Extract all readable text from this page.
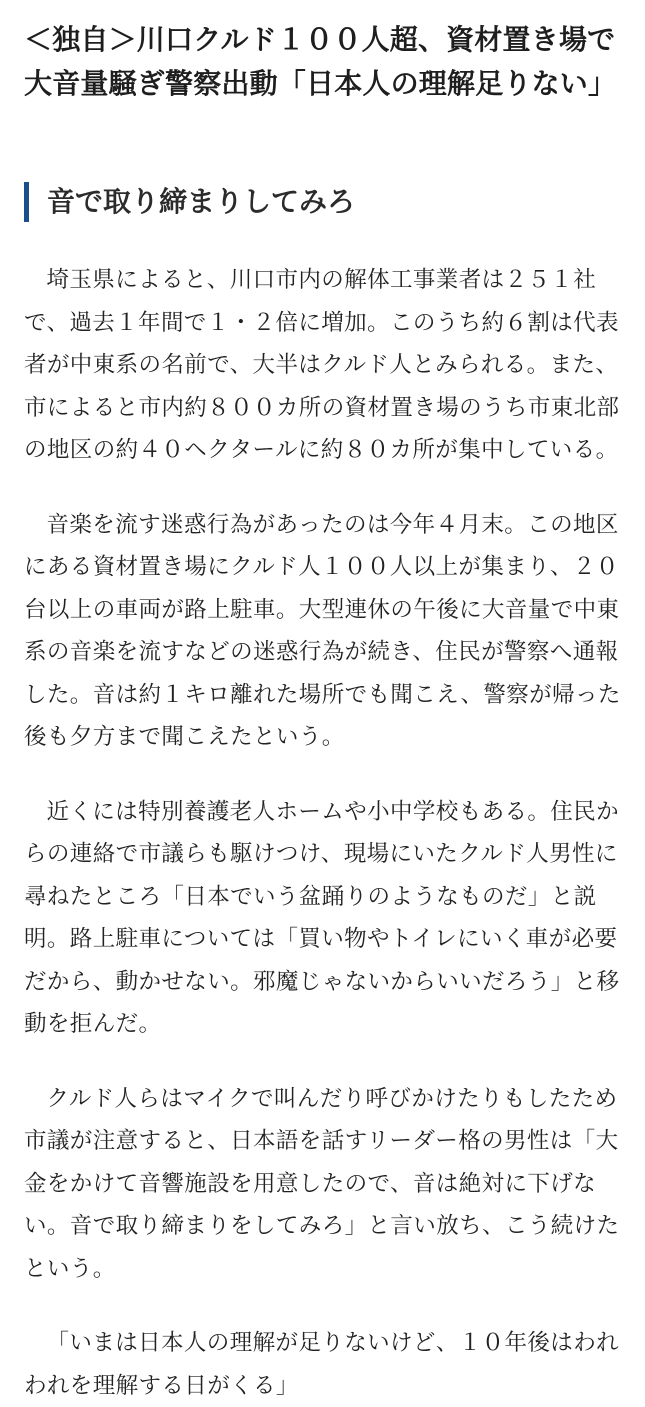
＜独自＞川口クルド１００人超、資材置き場で大音量騒ぎ警察出動「日本人の理解足りない」
音で取り締まりしてみろ

埼玉県によると、川口市内の解体工事業者は２５１社で、過去１年間で１・２倍に増加。このうち約６割は代表者が中東系の名前で、大半はクルド人とみられる。また、市によると市内約８００カ所の資材置き場のうち市東北部の地区の約４０ヘクタールに約８０カ所が集中している。

音楽を流す迷惑行為があったのは今年４月末。この地区にある資材置き場にクルド人１００人以上が集まり、２０台以上の車両が路上駐車。大型連休の午後に大音量で中東系の音楽を流すなどの迷惑行為が続き、住民が警察へ通報した。音は約１キロ離れた場所でも聞こえ、警察が帰った後も夕方まで聞こえたという。

近くには特別養護老人ホームや小中学校もある。住民からの連絡で市議らも駆けつけ、現場にいたクルド人男性に尋ねたところ「日本でいう盆踊りのようなものだ」と説明。路上駐車については「買い物やトイレにいく車が必要だから、動かせない。邪魔じゃないからいいだろう」と移動を拒んだ。

クルド人らはマイクで叫んだり呼びかけたりもしたため市議が注意すると、日本語を話すリーダー格の男性は「大金をかけて音響施設を用意したので、音は絶対に下げない。音で取り締まりをしてみろ」と言い放ち、こう続けたという。

「いまは日本人の理解が足りないけど、１０年後はわれわれを理解する日がくる」
